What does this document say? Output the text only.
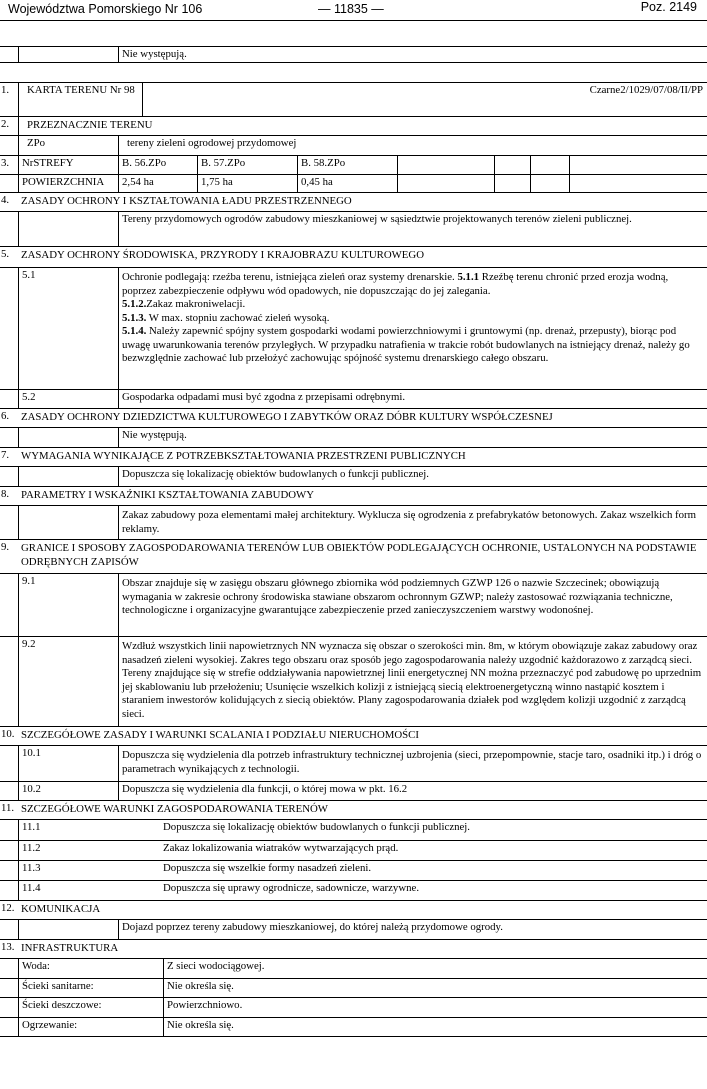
Województwa Pomorskiego Nr 106	— 11835 —	Poz. 2149
Nie występują.
1.	KARTA TERENU Nr 98	Czarne2/1029/07/08/II/PP
2.	PRZEZNACZNIE TERENU
ZPo	tereny zieleni ogrodowej przydomowej
3.	NrSTREFY	B. 56.ZPo	B. 57.ZPo	B. 58.ZPo
POWIERZCHNIA	2,54 ha	1,75 ha	0,45 ha
4.	ZASADY OCHRONY I KSZTAŁTOWANIA ŁADU PRZESTRZENNEGO
Tereny przydomowych ogrodów zabudowy mieszkaniowej w sąsiedztwie projektowanych terenów zieleni publicznej.
5.	ZASADY OCHRONY ŚRODOWISKA, PRZYRODY I KRAJOBRAZU KULTUROWEGO
5.1	Ochronie podlegają: rzeźba terenu, istniejąca zieleń oraz systemy drenarskie. 5.1.1 Rzeźbę terenu chronić przed erozja wodną, poprzez zabezpieczenie odpływu wód opadowych, nie dopuszczając do jej zalegania.
5.1.2.Zakaz makroniwelacji.
5.1.3. W max. stopniu zachować zieleń wysoką.
5.1.4. Należy zapewnić spójny system gospodarki wodami powierzchniowymi i gruntowymi (np. drenaż, przepusty), biorąc pod uwagę uwarunkowania terenów przyległych. W przypadku natrafienia w trakcie robót budowlanych na istniejący drenaż, należy go bezwzględnie zachować lub przełożyć zachowując spójność systemu drenarskiego całego obszaru.
5.2	Gospodarka odpadami musi być zgodna z przepisami odrębnymi.
6.	ZASADY OCHRONY DZIEDZICTWA KULTUROWEGO I ZABYTKÓW ORAZ DÓBR KULTURY WSPÓŁCZESNEJ
Nie występują.
7.	WYMAGANIA WYNIKAJĄCE Z POTRZEBKSZTAŁTOWANIA PRZESTRZENI PUBLICZNYCH
Dopuszcza się lokalizację obiektów budowlanych o funkcji publicznej.
8.	PARAMETRY I WSKAŹNIKI KSZTAŁTOWANIA ZABUDOWY
Zakaz zabudowy poza elementami małej architektury. Wyklucza się ogrodzenia z prefabrykatów betonowych. Zakaz wszelkich form reklamy.
9.	GRANICE I SPOSOBY ZAGOSPODAROWANIA TERENÓW LUB OBIEKTÓW PODLEGAJĄCYCH OCHRONIE, USTALONYCH NA PODSTAWIE ODRĘBNYCH ZAPISÓW
9.1	Obszar znajduje się w zasięgu obszaru głównego zbiornika wód podziemnych GZWP 126 o nazwie Szczecinek; obowiązują wymagania w zakresie ochrony środowiska stawiane obszarom ochronnym GZWP; należy zastosować rozwiązania techniczne, technologiczne i organizacyjne gwarantujące zabezpieczenie przed zanieczyszczeniem warstwy wodonośnej.
9.2	Wzdłuż wszystkich linii napowietrznych NN wyznacza się obszar o szerokości min. 8m, w którym obowiązuje zakaz zabudowy oraz nasadzeń zieleni wysokiej. Zakres tego obszaru oraz sposób jego zagospodarowania należy uzgodnić każdorazowo z zarządcą sieci. Tereny znajdujące się w strefie oddziaływania napowietrznej linii energetycznej NN można przeznaczyć pod zabudowę po uprzednim jej skablowaniu lub przełożeniu; Usunięcie wszelkich kolizji z istniejącą siecią elektroenergetyczną winno nastąpić kosztem i staraniem inwestorów kolidujących z siecią obiektów. Plany zagospodarowania działek pod względem kolizji uzgodnić z zarządcą sieci.
10. SZCZEGÓŁOWE ZASADY I WARUNKI SCALANIA I PODZIAŁU NIERUCHOMOŚCI
10.1	Dopuszcza się wydzielenia dla potrzeb infrastruktury technicznej uzbrojenia (sieci, przepompownie, stacje taro, osadniki itp.) i dróg o parametrach wynikających z technologii.
10.2	Dopuszcza się wydzielenia dla funkcji, o której mowa w pkt. 16.2
11. SZCZEGÓŁOWE WARUNKI ZAGOSPODAROWANIA TERENÓW
11.1	Dopuszcza się lokalizację obiektów budowlanych o funkcji publicznej.
11.2	Zakaz lokalizowania wiatraków wytwarzających prąd.
11.3	Dopuszcza się wszelkie formy nasadzeń zieleni.
11.4	Dopuszcza się uprawy ogrodnicze, sadownicze, warzywne.
12. KOMUNIKACJA
Dojazd poprzez tereny zabudowy mieszkaniowej, do której należą przydomowe ogrody.
13. INFRASTRUKTURA
Woda:	Z sieci wodociągowej.
Ścieki sanitarne:	Nie określa się.
Ścieki deszczowe:	Powierzchniowo.
Ogrzewanie:	Nie określa się.
